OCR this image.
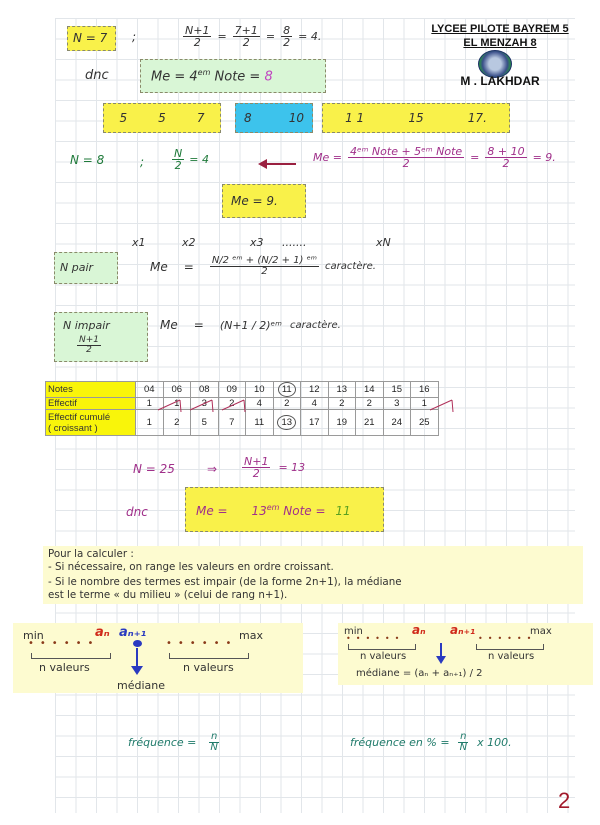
LYCEE PILOTE BAYREM 5
EL MENZAH 8
M . LAKHDAR
N = 7	;	$\frac{N+1}{2} = \frac{7+1}{2} = \frac{8}{2} = 4$.
dnc	$Me = 4^{em}$ Note = 8
5	5	7	8	10	1 1	15	17.
N = 8	;	$\frac{N}{2} = 4$	$Me = \frac{\text{4ᵉᵐ Note + 5ᵉᵐ Note}}{2} = \frac{8 + 10}{2} = 9$.
Me = 9.
x1	x2	x3 .......	xN
N pair	$Me = \frac{\text{N/2 ᵉᵐ + (N/2 + 1) ᵉᵐ}}{2}$ caractère.
N impair
$\frac{N+1}{2}$
Me = (N+1 / 2)ᵉᵐ caractère.
Notes	04	06	08	09	10	11	12	13	14	15	16
Effectif	1	1	3	2	4	2	4	2	2	3	1

Effectif cumulé
( croissant )	1	2	5	7	11	13	17	19	21	24	25
N = 25	⇒ $\frac{N+1}{2} = 13$
dnc	$Me = 13^{em}$ Note = 11

Pour la calculer :

- Si nécessaire, on range les valeurs en ordre croissant.

- Si le nombre des termes est impair (de la forme 2n+1), la médiane

est le terme « du milieu » (celui de rang n+1).

min	aₙ aₙ₊₁	max
••••••	••••••
n valeurs	n valeurs
médiane
min	aₙ aₙ₊₁	max
••••••	••••••
n valeurs	n valeurs
médiane = (aₙ + aₙ₊₁) / 2
fréquence = $\frac{n}{N}$	fréquence en % = $\frac{n}{N}$ x 100.
2
